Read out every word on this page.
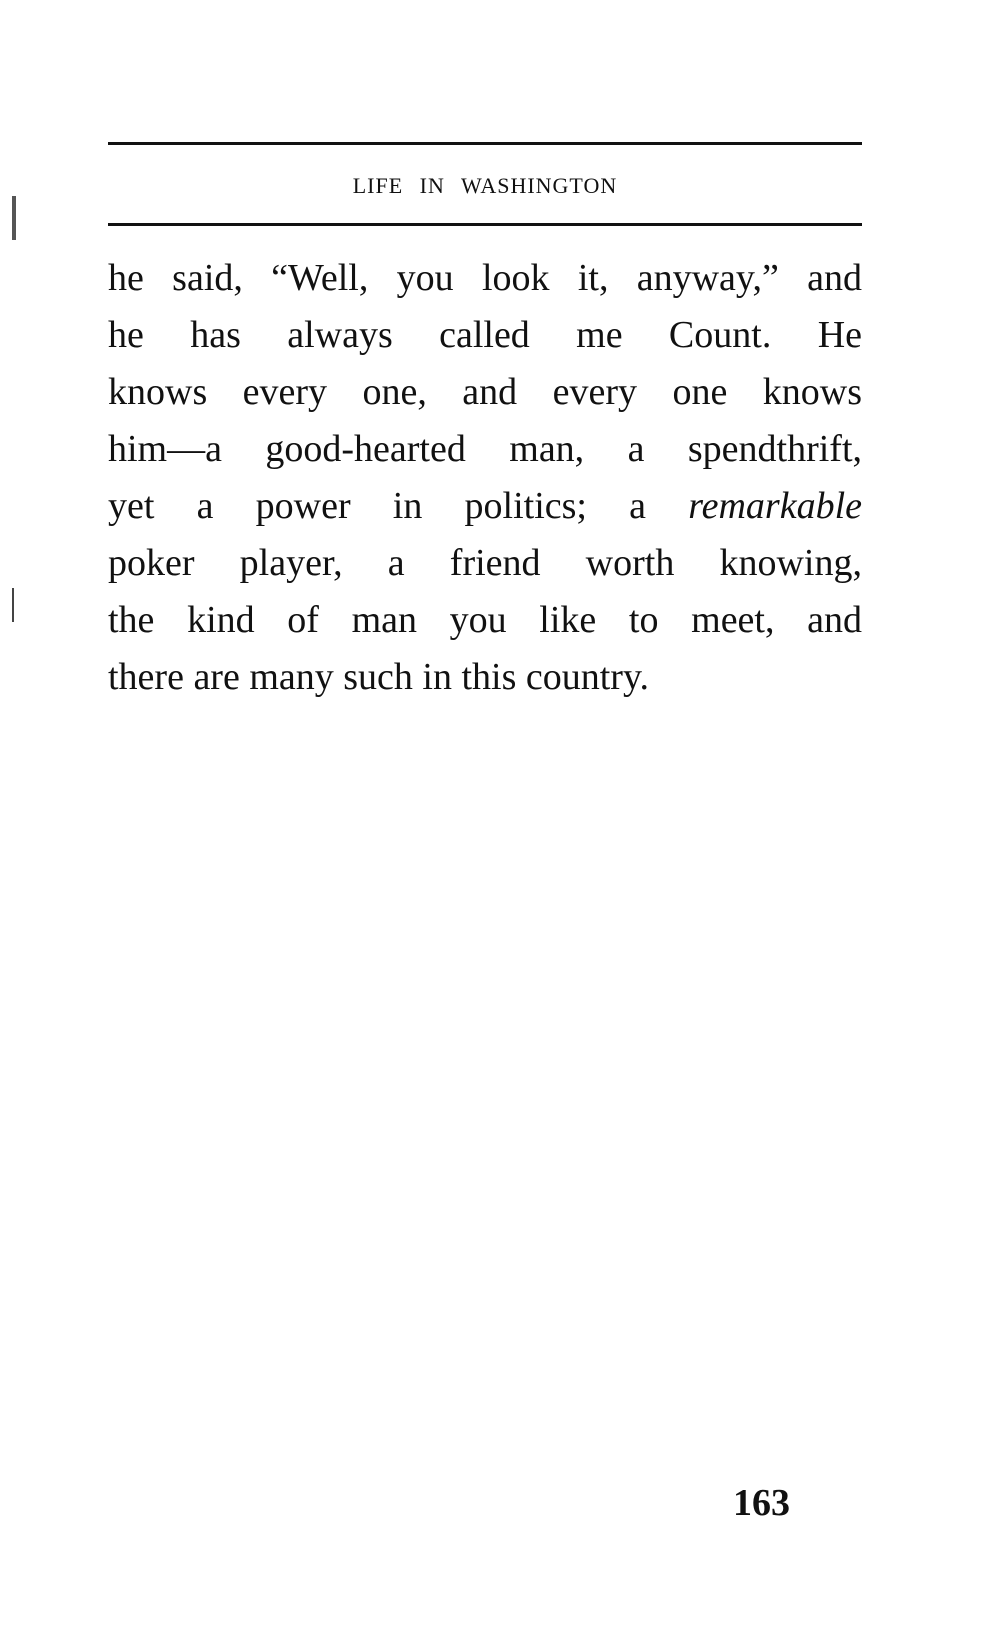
LIFE IN WASHINGTON
he said, “Well, you look it, anyway,” and
he has always called me Count. He
knows every one, and every one knows
him—a good-hearted man, a spendthrift,
yet a power in politics; a remarkable
poker player, a friend worth knowing,
the kind of man you like to meet, and
there are many such in this country.
163
